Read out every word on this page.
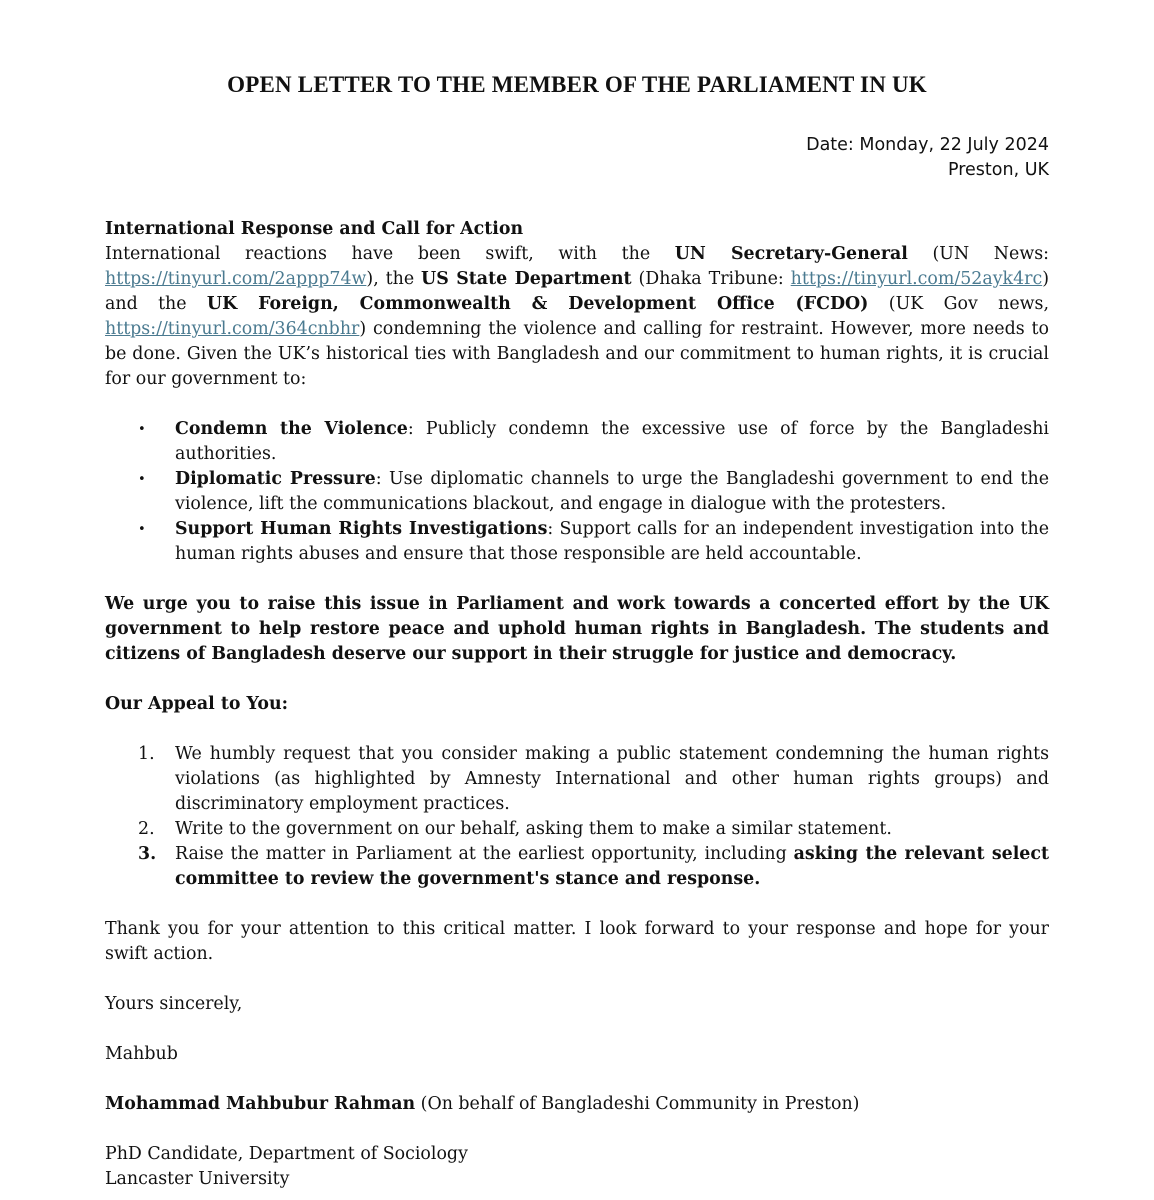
OPEN LETTER TO THE MEMBER OF THE PARLIAMENT IN UK
Date: Monday, 22 July 2024
Preston, UK
International Response and Call for Action
International reactions have been swift, with the UN Secretary-General (UN News: https://tinyurl.com/2appp74w), the US State Department (Dhaka Tribune: https://tinyurl.com/52ayk4rc) and the UK Foreign, Commonwealth & Development Office (FCDO) (UK Gov news, https://tinyurl.com/364cnbhr) condemning the violence and calling for restraint. However, more needs to be done. Given the UK’s historical ties with Bangladesh and our commitment to human rights, it is crucial for our government to:
• Condemn the Violence: Publicly condemn the excessive use of force by the Bangladeshi authorities.
• Diplomatic Pressure: Use diplomatic channels to urge the Bangladeshi government to end the violence, lift the communications blackout, and engage in dialogue with the protesters.
• Support Human Rights Investigations: Support calls for an independent investigation into the human rights abuses and ensure that those responsible are held accountable.
We urge you to raise this issue in Parliament and work towards a concerted effort by the UK government to help restore peace and uphold human rights in Bangladesh. The students and citizens of Bangladesh deserve our support in their struggle for justice and democracy.
Our Appeal to You:
1. We humbly request that you consider making a public statement condemning the human rights violations (as highlighted by Amnesty International and other human rights groups) and discriminatory employment practices.
2. Write to the government on our behalf, asking them to make a similar statement.
3. Raise the matter in Parliament at the earliest opportunity, including asking the relevant select committee to review the government's stance and response.
Thank you for your attention to this critical matter. I look forward to your response and hope for your swift action.
Yours sincerely,
Mahbub
Mohammad Mahbubur Rahman (On behalf of Bangladeshi Community in Preston)
PhD Candidate, Department of Sociology
Lancaster University
